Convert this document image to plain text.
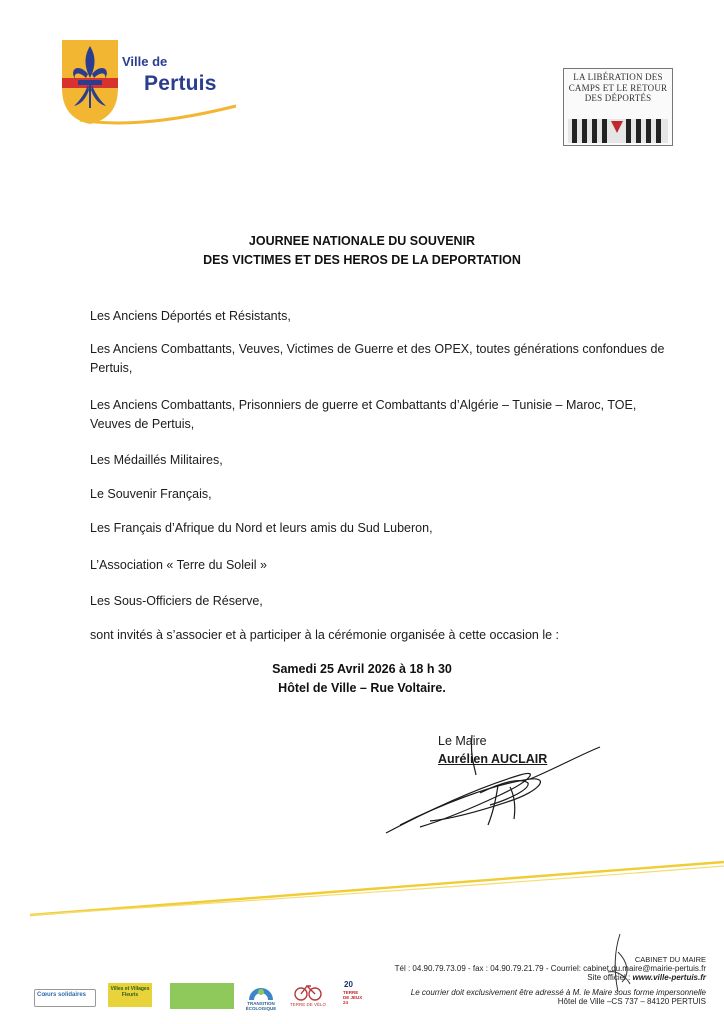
Ville de
Pertuis	LA LIBÉRATION DES CAMPS ET LE RETOUR DES DÉPORTÉS
JOURNEE NATIONALE DU SOUVENIR
DES VICTIMES ET DES HEROS DE LA DEPORTATION
Les Anciens Déportés et Résistants,
Les Anciens Combattants, Veuves, Victimes de Guerre et des OPEX, toutes générations confondues de Pertuis,
Les Anciens Combattants, Prisonniers de guerre et Combattants d’Algérie – Tunisie – Maroc, TOE, Veuves de Pertuis,
Les Médaillés Militaires,
Le Souvenir Français,
Les Français d’Afrique du Nord et leurs amis du Sud Luberon,
L’Association « Terre du Soleil »
Les Sous-Officiers de Réserve,
sont invités à s’associer et à participer à la cérémonie organisée à cette occasion le :
Samedi 25 Avril 2026 à 18 h 30
Hôtel de Ville – Rue Voltaire.
Le Maire
Aurélien AUCLAIR
CABINET DU MAIRE
Tél : 04.90.79.73.09 - fax : 04.90.79.21.79 - Courriel: cabinet.du.maire@mairie-pertuis.fr
Site officiel : www.ville-pertuis.fr
Le courrier doit exclusivement être adressé à M. le Maire sous forme impersonnelle
Hôtel de Ville –CS 737 – 84120 PERTUIS
Cœurs solidaires
Villes et Villages Fleuris
TRANSITION ÉCOLOGIQUE
TERRE DE VÉLO
20
TERRE DE JEUX 24
